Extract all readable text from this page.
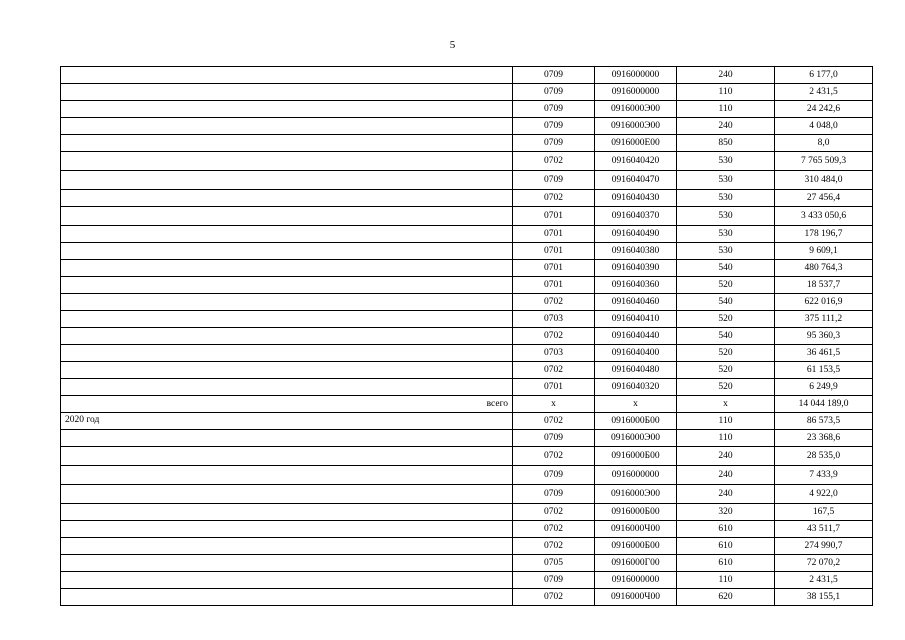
5
	0709	0916000000	240	6 177,0
	0709	0916000000	110	2 431,5
	0709	0916000Э00	110	24 242,6
	0709	0916000Э00	240	4 048,0
	0709	0916000Е00	850	8,0
	0702	0916040420	530	7 765 509,3
	0709	0916040470	530	310 484,0
	0702	0916040430	530	27 456,4
	0701	0916040370	530	3 433 050,6
	0701	0916040490	530	178 196,7
	0701	0916040380	530	9 609,1
	0701	0916040390	540	480 764,3
	0701	0916040360	520	18 537,7
	0702	0916040460	540	622 016,9
	0703	0916040410	520	375 111,2
	0702	0916040440	540	95 360,3
	0703	0916040400	520	36 461,5
	0702	0916040480	520	61 153,5
	0701	0916040320	520	6 249,9
всего	х	х	х	14 044 189,0
2020 год	0702	0916000Б00	110	86 573,5
	0709	0916000Э00	110	23 368,6
	0702	0916000Б00	240	28 535,0
	0709	0916000000	240	7 433,9
	0709	0916000Э00	240	4 922,0
	0702	0916000Б00	320	167,5
	0702	0916000Ч00	610	43 511,7
	0702	0916000Б00	610	274 990,7
	0705	0916000Г00	610	72 070,2
	0709	0916000000	110	2 431,5
	0702	0916000Ч00	620	38 155,1
